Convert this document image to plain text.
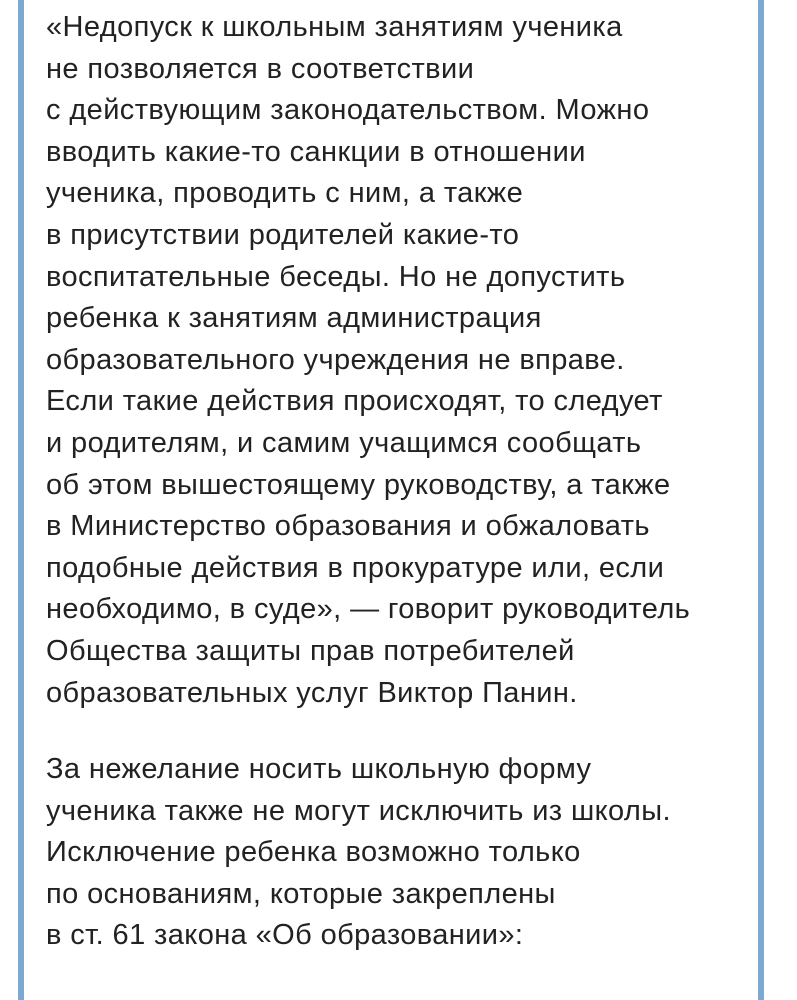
«Недопуск к школьным занятиям ученика
не позволяется в соответствии
с действующим законодательством. Можно
вводить какие-то санкции в отношении
ученика, проводить с ним, а также
в присутствии родителей какие-то
воспитательные беседы. Но не допустить
ребенка к занятиям администрация
образовательного учреждения не вправе.
Если такие действия происходят, то следует
и родителям, и самим учащимся сообщать
об этом вышестоящему руководству, а также
в Министерство образования и обжаловать
подобные действия в прокуратуре или, если
необходимо, в суде», — говорит руководитель
Общества защиты прав потребителей
образовательных услуг Виктор Панин.

За нежелание носить школьную форму
ученика также не могут исключить из школы.
Исключение ребенка возможно только
по основаниям, которые закреплены
в ст. 61 закона «Об образовании»:
